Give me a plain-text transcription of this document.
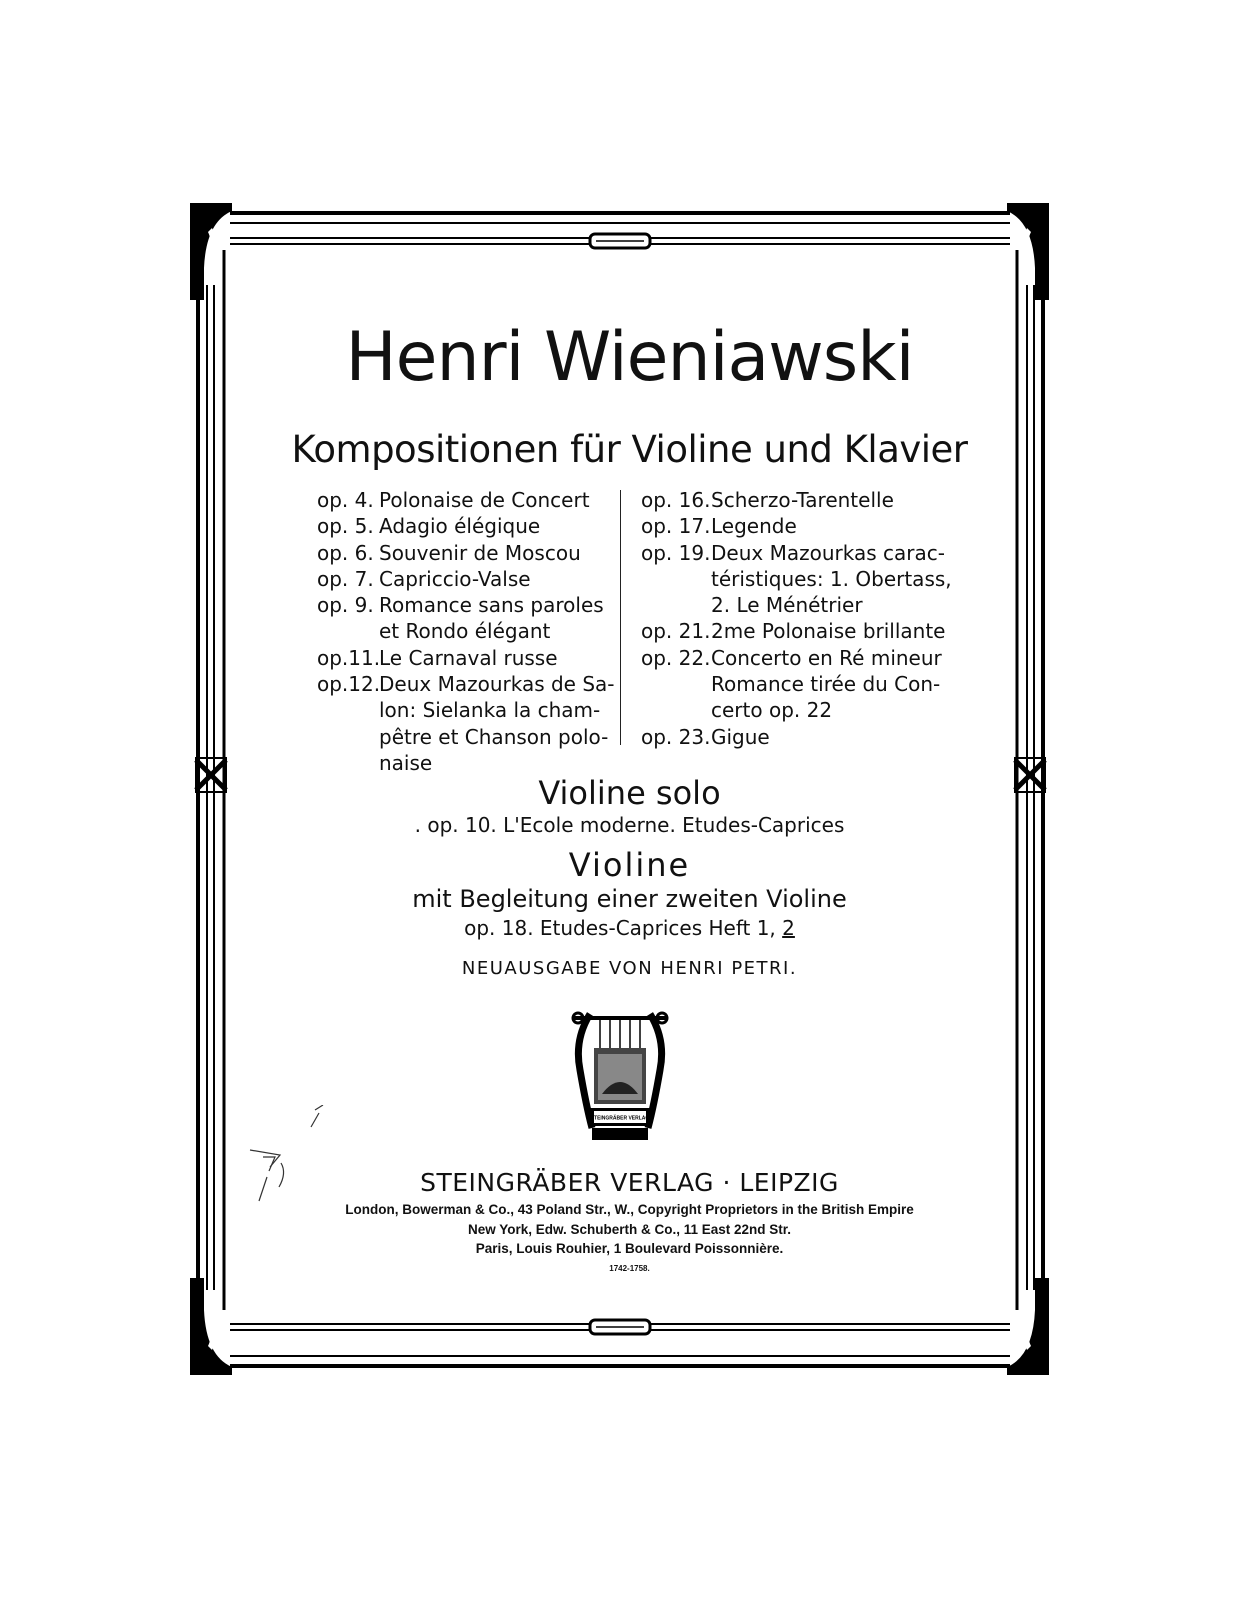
Henri Wieniawski
Kompositionen für Violine und Klavier
op. 4. Polonaise de Concert
op. 5. Adagio élégique
op. 6. Souvenir de Moscou
op. 7. Capriccio-Valse
op. 9. Romance sans paroles
et Rondo élégant
op.11.
Le Carnaval russe
op.12.
Deux Mazourkas de Sa-
lon: Sielanka la cham-
pêtre et Chanson polo-
naise
op. 16. Scherzo-Tarentelle
op. 17. Legende
op. 19. Deux Mazourkas carac-
téristiques: 1. Obertass,
2. Le Ménétrier
op. 21. 2me Polonaise brillante
op. 22. Concerto en Ré mineur
Romance tirée du Con-
certo op. 22
op. 23. Gigue
Violine solo
. op. 10. L'Ecole moderne. Etudes-Caprices
Violine
mit Begleitung einer zweiten Violine
op. 18. Etudes-Caprices Heft 1, 2
NEUAUSGABE VON HENRI PETRI.
STEINGRÄBER VERLAG
STEINGRÄBER VERLAG · LEIPZIG
London, Bowerman & Co., 43 Poland Str., W., Copyright Proprietors in the British Empire
New York, Edw. Schuberth & Co., 11 East 22nd Str.
Paris, Louis Rouhier, 1 Boulevard Poissonnière.
1742-1758.
